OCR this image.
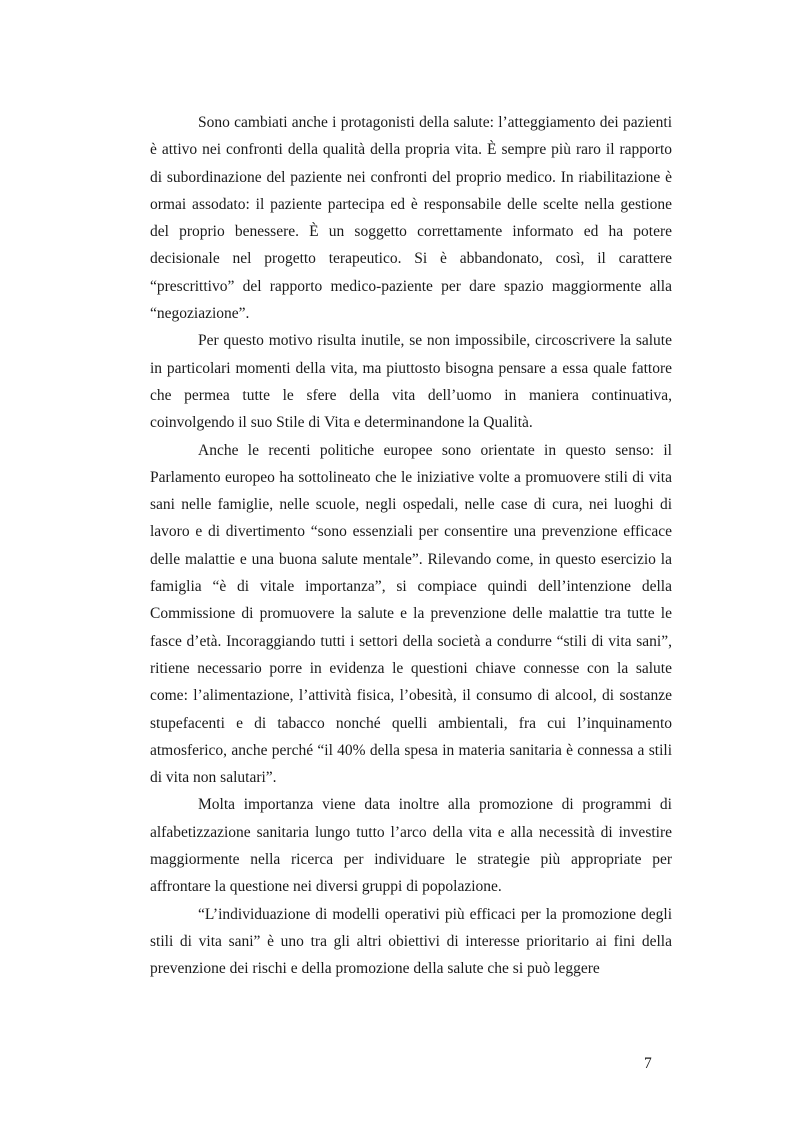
Sono cambiati anche i protagonisti della salute: l’atteggiamento dei pazienti è attivo nei confronti della qualità della propria vita. È sempre più raro il rapporto di subordinazione del paziente nei confronti del proprio medico. In riabilitazione è ormai assodato: il paziente partecipa ed è responsabile delle scelte nella gestione del proprio benessere. È un soggetto correttamente informato ed ha potere decisionale nel progetto terapeutico. Si è abbandonato, così, il carattere “prescrittivo” del rapporto medico-paziente per dare spazio maggiormente alla “negoziazione”.

Per questo motivo risulta inutile, se non impossibile, circoscrivere la salute in particolari momenti della vita, ma piuttosto bisogna pensare a essa quale fattore che permea tutte le sfere della vita dell’uomo in maniera continuativa, coinvolgendo il suo Stile di Vita e determinandone la Qualità.

Anche le recenti politiche europee sono orientate in questo senso: il Parlamento europeo ha sottolineato che le iniziative volte a promuovere stili di vita sani nelle famiglie, nelle scuole, negli ospedali, nelle case di cura, nei luoghi di lavoro e di divertimento “sono essenziali per consentire una prevenzione efficace delle malattie e una buona salute mentale”. Rilevando come, in questo esercizio la famiglia “è di vitale importanza”, si compiace quindi dell’intenzione della Commissione di promuovere la salute e la prevenzione delle malattie tra tutte le fasce d’età. Incoraggiando tutti i settori della società a condurre “stili di vita sani”, ritiene necessario porre in evidenza le questioni chiave connesse con la salute come: l’alimentazione, l’attività fisica, l’obesità, il consumo di alcool, di sostanze stupefacenti e di tabacco nonché quelli ambientali, fra cui l’inquinamento atmosferico, anche perché “il 40% della spesa in materia sanitaria è connessa a stili di vita non salutari”.

Molta importanza viene data inoltre alla promozione di programmi di alfabetizzazione sanitaria lungo tutto l’arco della vita e alla necessità di investire maggiormente nella ricerca per individuare le strategie più appropriate per affrontare la questione nei diversi gruppi di popolazione.

“L’individuazione di modelli operativi più efficaci per la promozione degli stili di vita sani” è uno tra gli altri obiettivi di interesse prioritario ai fini della prevenzione dei rischi e della promozione della salute che si può leggere

7
